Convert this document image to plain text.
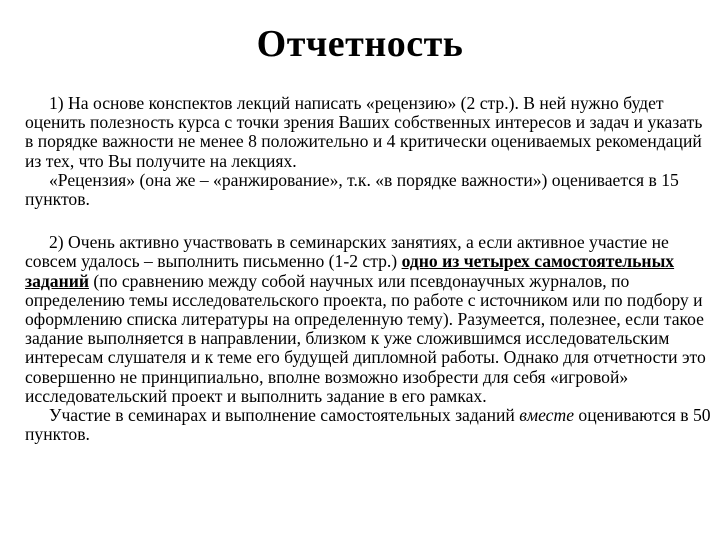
Отчетность

1) На основе конспектов лекций написать «рецензию» (2 стр.). В ней нужно будет оценить полезность курса с точки зрения Ваших собственных интересов и задач и указать в порядке важности не менее 8 положительно и 4 критически оцениваемых рекомендаций из тех, что Вы получите на лекциях.

«Рецензия» (она же – «ранжирование», т.к. «в порядке важности») оценивается в 15 пунктов.

2) Очень активно участвовать в семинарских занятиях, а если активное участие не совсем удалось – выполнить письменно (1-2 стр.) одно из четырех самостоятельных заданий (по сравнению между собой научных или псевдонаучных журналов, по определению темы исследовательского проекта, по работе с источником или по подбору и оформлению списка литературы на определенную тему). Разумеется, полезнее, если такое задание выполняется в направлении, близком к уже сложившимся исследовательским интересам слушателя и к теме его будущей дипломной работы. Однако для отчетности это совершенно не принципиально, вполне возможно изобрести для себя «игровой» исследовательский проект и выполнить задание в его рамках.

Участие в семинарах и выполнение самостоятельных заданий вместе оцениваются в 50 пунктов.
